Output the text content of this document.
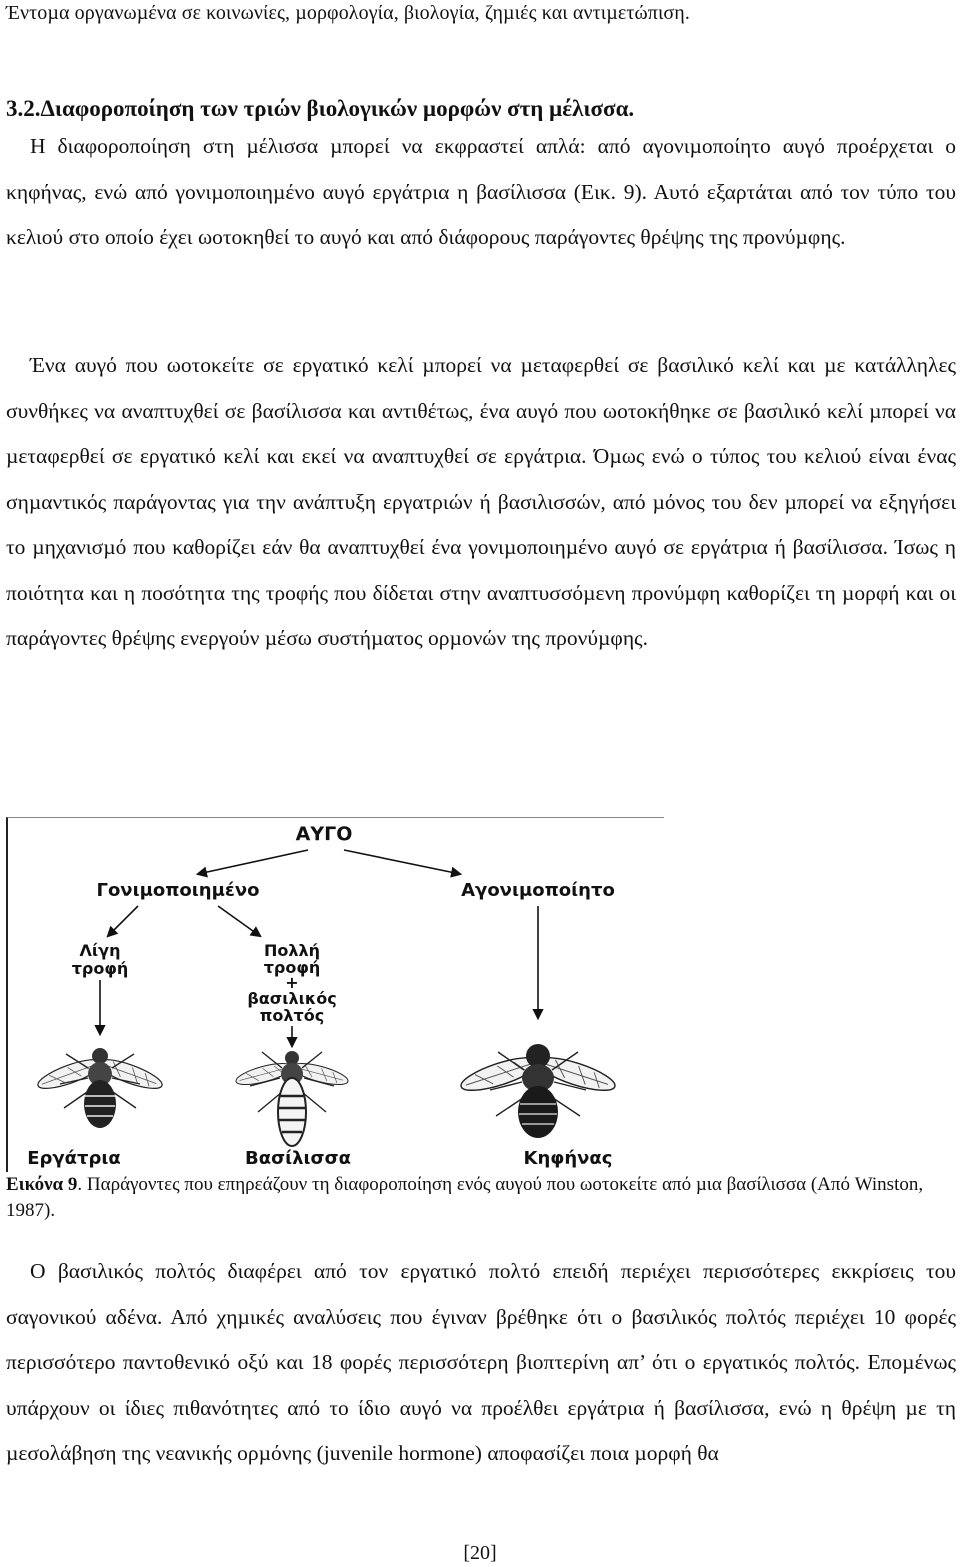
Έντοµα οργανωµένα σε κοινωνίες, µορφολογία, βιολογία, ζηµιές και αντιµετώπιση.
3.2.Διαφοροποίηση των τριών βιολογικών µορφών στη µέλισσα.

Η διαφοροποίηση στη µέλισσα µπορεί να εκφραστεί απλά: από αγονιµοποίητο αυγό προέρχεται ο κηφήνας, ενώ από γονιµοποιηµένο αυγό εργάτρια η βασίλισσα (Εικ. 9). Αυτό εξαρτάται από τον τύπο του κελιού στο οποίο έχει ωοτοκηθεί το αυγό και από διάφορους παράγοντες θρέψης της προνύµφης.

Ένα αυγό που ωοτοκείτε σε εργατικό κελί µπορεί να µεταφερθεί σε βασιλικό κελί και µε κατάλληλες συνθήκες να αναπτυχθεί σε βασίλισσα και αντιθέτως, ένα αυγό που ωοτοκήθηκε σε βασιλικό κελί µπορεί να µεταφερθεί σε εργατικό κελί και εκεί να αναπτυχθεί σε εργάτρια. Όµως ενώ ο τύπος του κελιού είναι ένας σηµαντικός παράγοντας για την ανάπτυξη εργατριών ή βασιλισσών, από µόνος του δεν µπορεί να εξηγήσει το µηχανισµό που καθορίζει εάν θα αναπτυχθεί ένα γονιµοποιηµένο αυγό σε εργάτρια ή βασίλισσα. Ίσως η ποιότητα και η ποσότητα της τροφής που δίδεται στην αναπτυσσόµενη προνύµφη καθορίζει τη µορφή και οι παράγοντες θρέψης ενεργούν µέσω συστήµατος ορµονών της προνύµφης.

ΑΥΓΟ
Γονιμοποιημένο	Αγονιμοποίητο
Λίγη
τροφή
Πολλή
τροφή
+
βασιλικός
πολτός
Εργάτρια	Βασίλισσα	Κηφήνας
Εικόνα 9. Παράγοντες που επηρεάζουν τη διαφοροποίηση ενός αυγού που ωοτοκείτε από µια βασίλισσα (Από Winston, 1987).

Ο βασιλικός πολτός διαφέρει από τον εργατικό πολτό επειδή περιέχει περισσότερες εκκρίσεις του σαγονικού αδένα. Από χηµικές αναλύσεις που έγιναν βρέθηκε ότι ο βασιλικός πολτός περιέχει 10 φορές περισσότερο παντοθενικό οξύ και 18 φορές περισσότερη βιοπτερίνη απ’ ότι ο εργατικός πολτός. Εποµένως υπάρχουν οι ίδιες πιθανότητες από το ίδιο αυγό να προέλθει εργάτρια ή βασίλισσα, ενώ η θρέψη µε τη µεσολάβηση της νεανικής ορµόνης (juvenile hormone) αποφασίζει ποια µορφή θα

[20]
